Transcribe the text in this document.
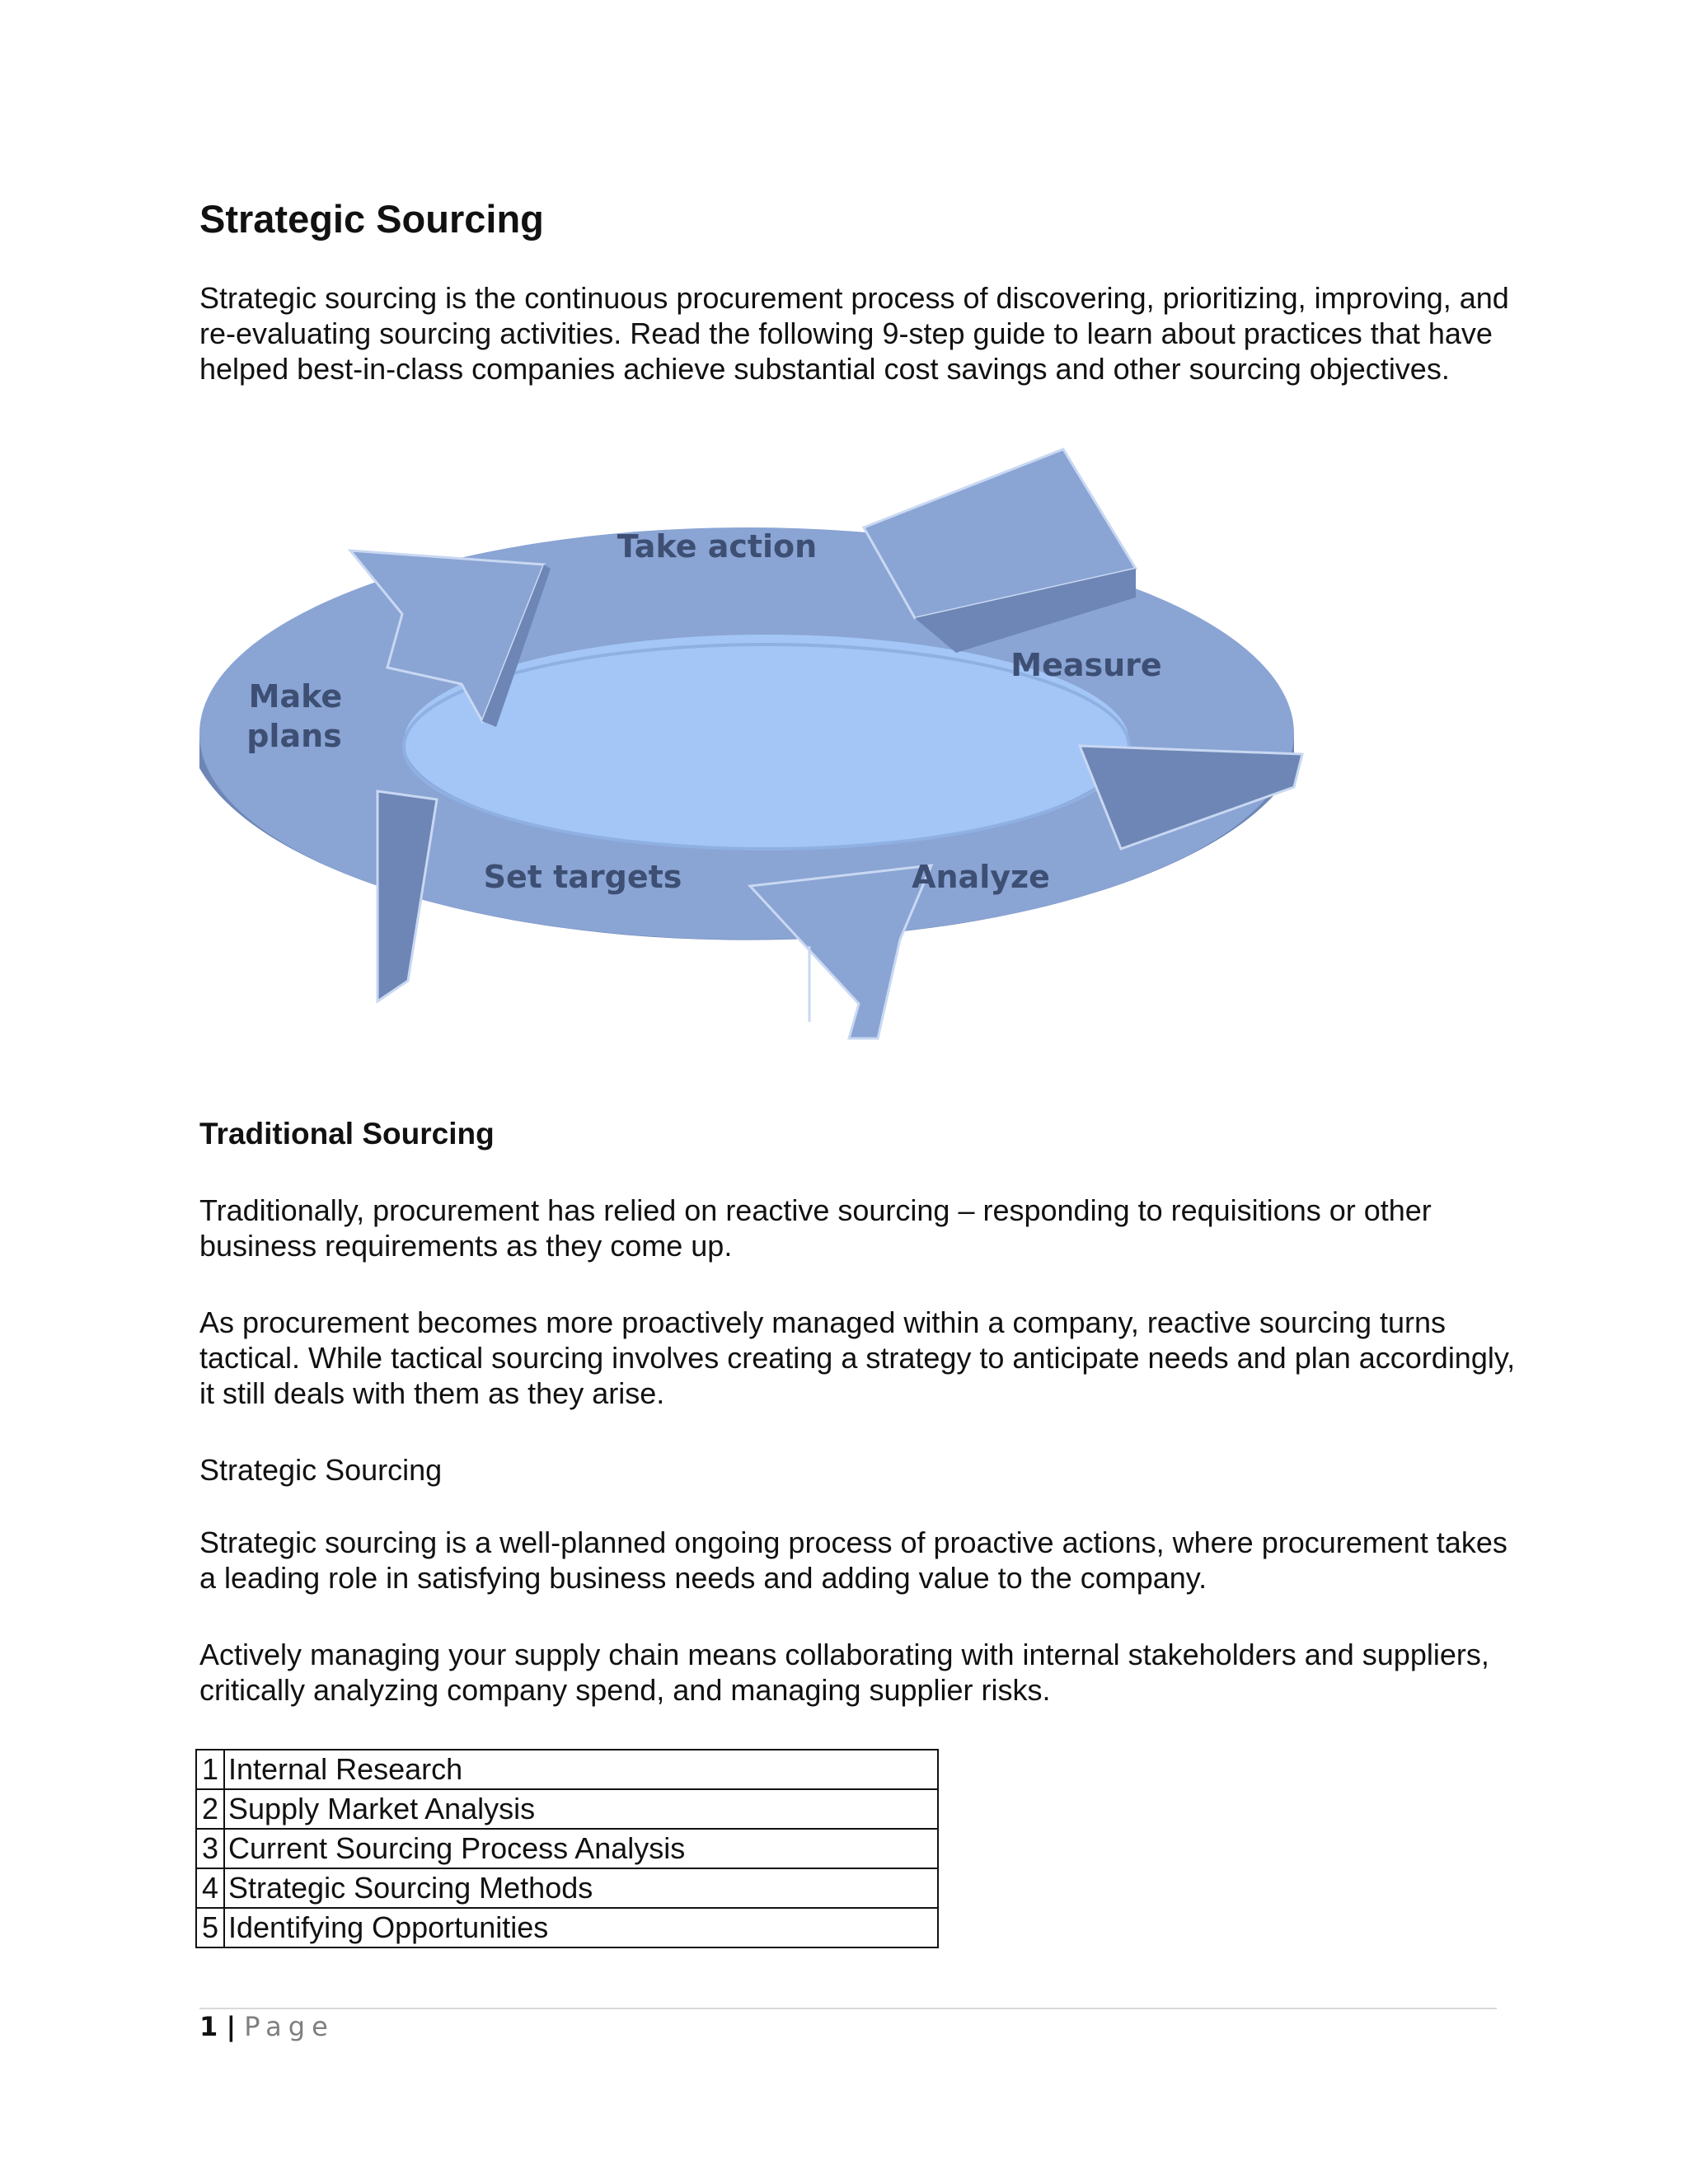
Strategic Sourcing

Strategic sourcing is the continuous procurement process of discovering, prioritizing, improving, and re-evaluating sourcing activities. Read the following 9-step guide to learn about practices that have helped best-in-class companies achieve substantial cost savings and other sourcing objectives.

Take action
Measure
Analyze
Set targets
Make plans
Traditional Sourcing

Traditionally, procurement has relied on reactive sourcing – responding to requisitions or other business requirements as they come up.

As procurement becomes more proactively managed within a company, reactive sourcing turns tactical. While tactical sourcing involves creating a strategy to anticipate needs and plan accordingly, it still deals with them as they arise.

Strategic Sourcing

Strategic sourcing is a well-planned ongoing process of proactive actions, where procurement takes a leading role in satisfying business needs and adding value to the company.

Actively managing your supply chain means collaborating with internal stakeholders and suppliers, critically analyzing company spend, and managing supplier risks.

1	Internal Research
2	Supply Market Analysis
3	Current Sourcing Process Analysis
4	Strategic Sourcing Methods
5	Identifying Opportunities
1 | Page
